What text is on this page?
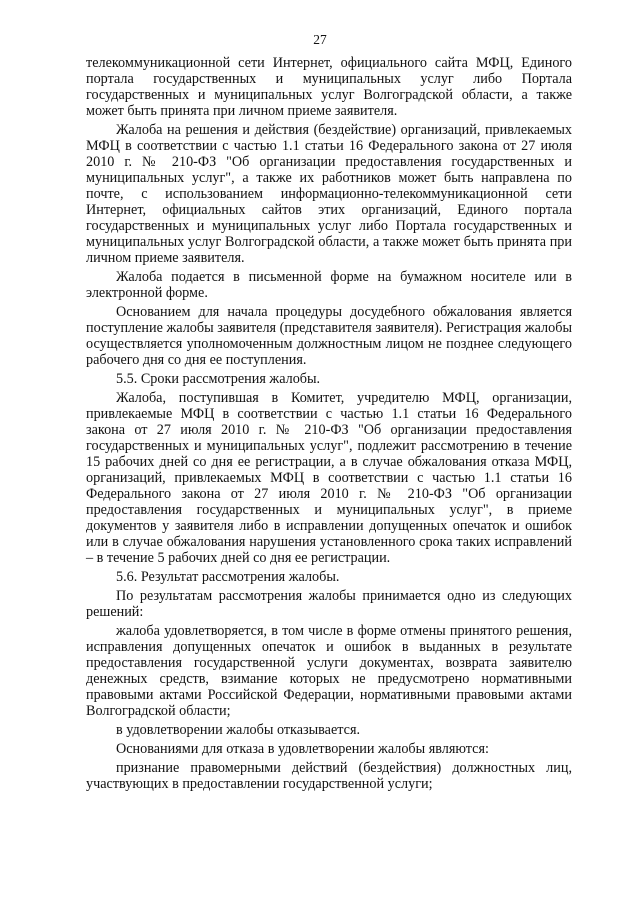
27

телекоммуникационной сети Интернет, официального сайта МФЦ, Единого портала государственных и муниципальных услуг либо Портала государственных и муниципальных услуг Волгоградской области, а также может быть принята при личном приеме заявителя.

Жалоба на решения и действия (бездействие) организаций, привлекаемых МФЦ в соответствии с частью 1.1 статьи 16 Федерального закона от 27 июля 2010 г. № 210-ФЗ "Об организации предоставления государственных и муниципальных услуг", а также их работников может быть направлена по почте, с использованием информационно-телекоммуникационной сети Интернет, официальных сайтов этих организаций, Единого портала государственных и муниципальных услуг либо Портала государственных и муниципальных услуг Волгоградской области, а также может быть принята при личном приеме заявителя.

Жалоба подается в письменной форме на бумажном носителе или в электронной форме.

Основанием для начала процедуры досудебного обжалования является поступление жалобы заявителя (представителя заявителя). Регистрация жалобы осуществляется уполномоченным должностным лицом не позднее следующего рабочего дня со дня ее поступления.

5.5. Сроки рассмотрения жалобы.

Жалоба, поступившая в Комитет, учредителю МФЦ, организации, привлекаемые МФЦ в соответствии с частью 1.1 статьи 16 Федерального закона от 27 июля 2010 г. № 210-ФЗ "Об организации предоставления государственных и муниципальных услуг", подлежит рассмотрению в течение 15 рабочих дней со дня ее регистрации, а в случае обжалования отказа МФЦ, организаций, привлекаемых МФЦ в соответствии с частью 1.1 статьи 16 Федерального закона от 27 июля 2010 г. № 210-ФЗ "Об организации предоставления государственных и муниципальных услуг", в приеме документов у заявителя либо в исправлении допущенных опечаток и ошибок или в случае обжалования нарушения установленного срока таких исправлений – в течение 5 рабочих дней со дня ее регистрации.

5.6. Результат рассмотрения жалобы.

По результатам рассмотрения жалобы принимается одно из следующих решений:

жалоба удовлетворяется, в том числе в форме отмены принятого решения, исправления допущенных опечаток и ошибок в выданных в результате предоставления государственной услуги документах, возврата заявителю денежных средств, взимание которых не предусмотрено нормативными правовыми актами Российской Федерации, нормативными правовыми актами Волгоградской области;

в удовлетворении жалобы отказывается.

Основаниями для отказа в удовлетворении жалобы являются:

признание правомерными действий (бездействия) должностных лиц, участвующих в предоставлении государственной услуги;
